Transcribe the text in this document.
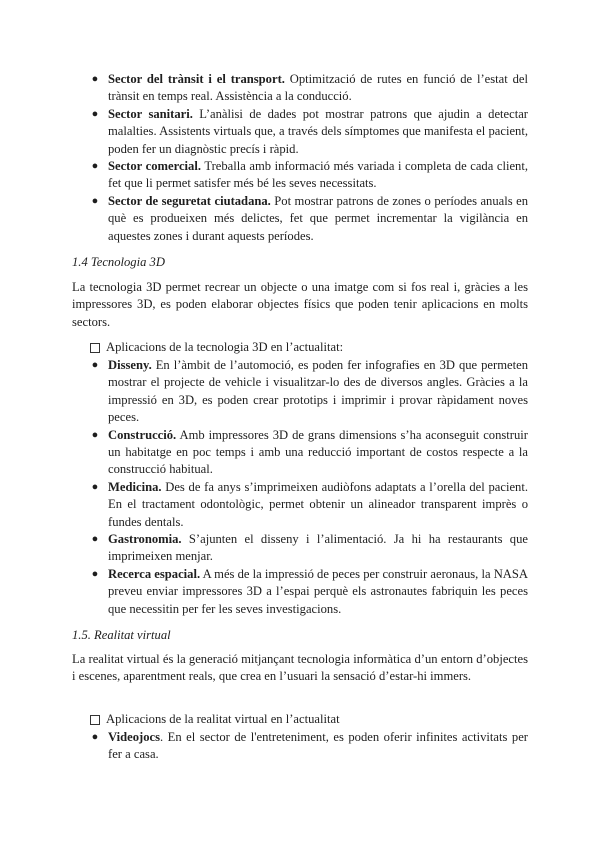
● Sector del trànsit i el transport. Optimització de rutes en funció de l’estat del trànsit en temps real. Assistència a la conducció.
● Sector sanitari. L’anàlisi de dades pot mostrar patrons que ajudin a detectar malalties. Assistents virtuals que, a través dels símptomes que manifesta el pacient, poden fer un diagnòstic precís i ràpid.
● Sector comercial. Treballa amb informació més variada i completa de cada client, fet que li permet satisfer més bé les seves necessitats.
● Sector de seguretat ciutadana. Pot mostrar patrons de zones o períodes anuals en què es produeixen més delictes, fet que permet incrementar la vigilància en aquestes zones i durant aquests períodes.
1.4 Tecnologia 3D
La tecnologia 3D permet recrear un objecte o una imatge com si fos real i, gràcies a les impressores 3D, es poden elaborar objectes físics que poden tenir aplicacions en molts sectors.
Aplicacions de la tecnologia 3D en l’actualitat:
● Disseny. En l’àmbit de l’automoció, es poden fer infografies en 3D que permeten mostrar el projecte de vehicle i visualitzar-lo des de diversos angles. Gràcies a la impressió en 3D, es poden crear prototips i imprimir i provar ràpidament noves peces.
● Construcció. Amb impressores 3D de grans dimensions s’ha aconseguit construir un habitatge en poc temps i amb una reducció important de costos respecte a la construcció habitual.
● Medicina. Des de fa anys s’imprimeixen audiòfons adaptats a l’orella del pacient. En el tractament odontològic, permet obtenir un alineador transparent imprès o fundes dentals.
● Gastronomia. S’ajunten el disseny i l’alimentació. Ja hi ha restaurants que imprimeixen menjar.
● Recerca espacial. A més de la impressió de peces per construir aeronaus, la NASA preveu enviar impressores 3D a l’espai perquè els astronautes fabriquin les peces que necessitin per fer les seves investigacions.
1.5. Realitat virtual
La realitat virtual és la generació mitjançant tecnologia informàtica d’un entorn d’objectes i escenes, aparentment reals, que crea en l’usuari la sensació d’estar-hi immers.
Aplicacions de la realitat virtual en l’actualitat
● Videojocs. En el sector de l'entreteniment, es poden oferir infinites activitats per fer a casa.
